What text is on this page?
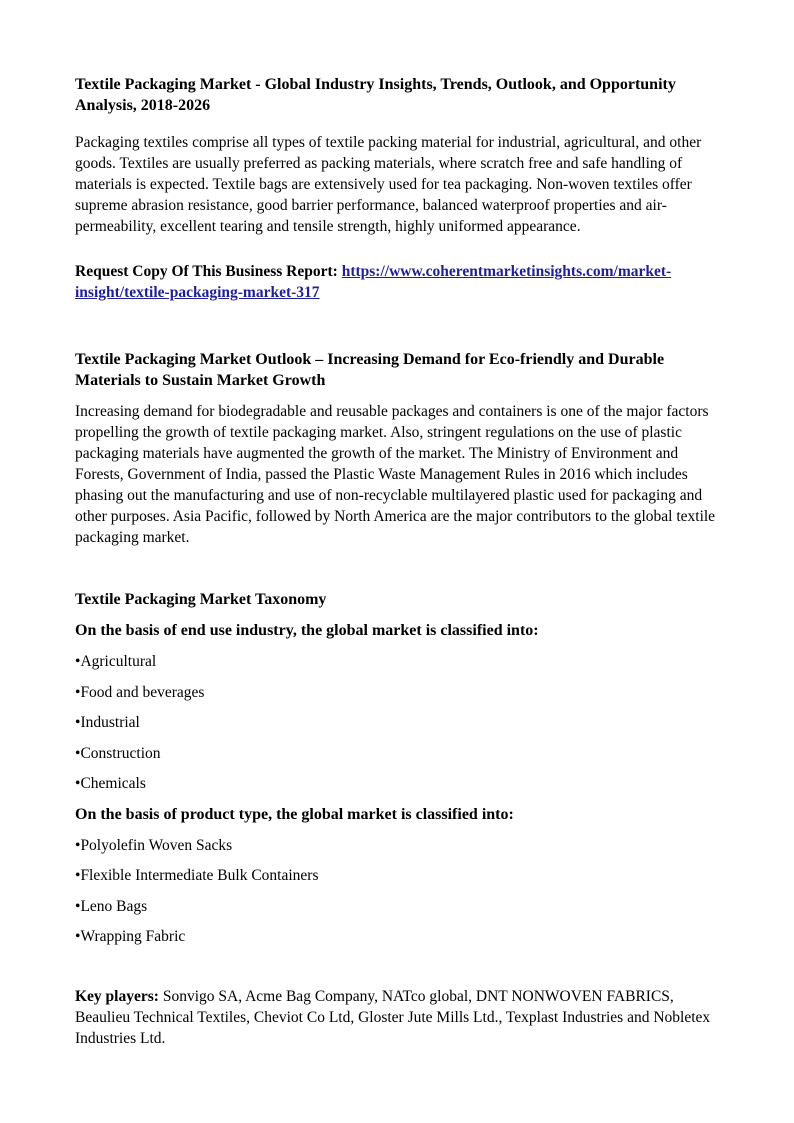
Textile Packaging Market - Global Industry Insights, Trends, Outlook, and Opportunity Analysis, 2018-2026

Packaging textiles comprise all types of textile packing material for industrial, agricultural, and other goods. Textiles are usually preferred as packing materials, where scratch free and safe handling of materials is expected. Textile bags are extensively used for tea packaging. Non-woven textiles offer supreme abrasion resistance, good barrier performance, balanced waterproof properties and air-permeability, excellent tearing and tensile strength, highly uniformed appearance.

Request Copy Of This Business Report: https://www.coherentmarketinsights.com/market-insight/textile-packaging-market-317

Textile Packaging Market Outlook – Increasing Demand for Eco-friendly and Durable Materials to Sustain Market Growth

Increasing demand for biodegradable and reusable packages and containers is one of the major factors propelling the growth of textile packaging market. Also, stringent regulations on the use of plastic packaging materials have augmented the growth of the market. The Ministry of Environment and Forests, Government of India, passed the Plastic Waste Management Rules in 2016 which includes phasing out the manufacturing and use of non-recyclable multilayered plastic used for packaging and other purposes. Asia Pacific, followed by North America are the major contributors to the global textile packaging market.

Textile Packaging Market Taxonomy

On the basis of end use industry, the global market is classified into:

•Agricultural

•Food and beverages

•Industrial

•Construction

•Chemicals

On the basis of product type, the global market is classified into:

•Polyolefin Woven Sacks

•Flexible Intermediate Bulk Containers

•Leno Bags

•Wrapping Fabric

Key players: Sonvigo SA, Acme Bag Company, NATco global, DNT NONWOVEN FABRICS, Beaulieu Technical Textiles, Cheviot Co Ltd, Gloster Jute Mills Ltd., Texplast Industries and Nobletex Industries Ltd.
